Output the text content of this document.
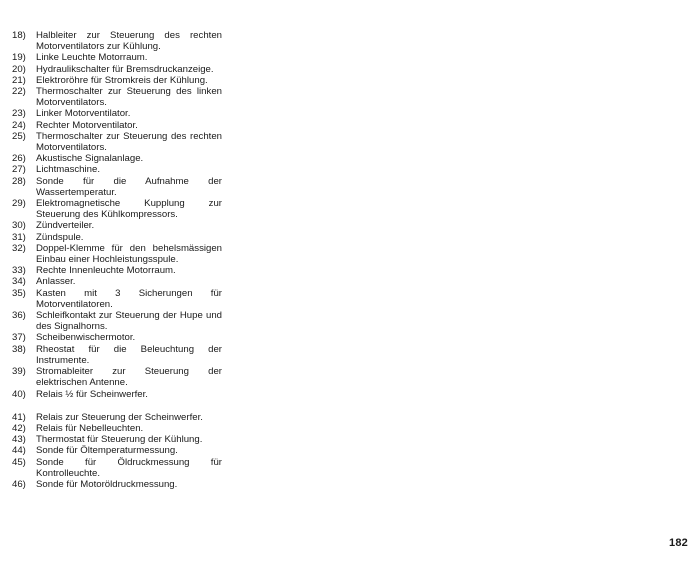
18)	Halbleiter zur Steuerung des rechten Motorventilators zur Kühlung.
19)	Linke Leuchte Motorraum.
20)	Hydraulikschalter für Bremsdruckanzeige.
21)	Elektroröhre für Stromkreis der Kühlung.
22)	Thermoschalter zur Steuerung des linken Motorventilators.
23)	Linker Motorventilator.
24)	Rechter Motorventilator.
25)	Thermoschalter zur Steuerung des rechten Motorventilators.
26)	Akustische Signalanlage.
27)	Lichtmaschine.
28)	Sonde für die Aufnahme der Wassertemperatur.
29)	Elektromagnetische Kupplung zur Steuerung des Kühlkompressors.
30)	Zündverteiler.
31)	Zündspule.
32)	Doppel-Klemme für den behelsmässigen Einbau einer Hochleistungsspule.
33)	Rechte Innenleuchte Motorraum.
34)	Anlasser.
35)	Kasten mit 3 Sicherungen für Motorventilatoren.
36)	Schleifkontakt zur Steuerung der Hupe und des Signalhorns.
37)	Scheibenwischermotor.
38)	Rheostat für die Beleuchtung der Instrumente.
39)	Stromableiter zur Steuerung der elektrischen Antenne.
40)	Relais ½ für Scheinwerfer.
41)	Relais zur Steuerung der Scheinwerfer.
42)	Relais für Nebelleuchten.
43)	Thermostat für Steuerung der Kühlung.
44)	Sonde für Öltemperaturmessung.
45)	Sonde für Öldruckmessung für Kontrolleuchte.
46)	Sonde für Motoröldruckmessung.
182
